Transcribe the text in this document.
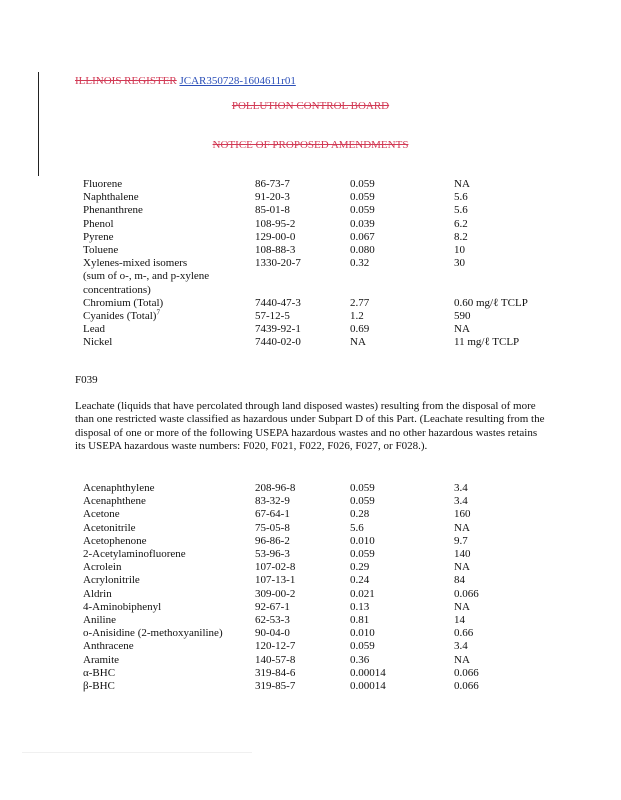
ILLINOIS REGISTER JCAR350728-1604611r01
POLLUTION CONTROL BOARD
NOTICE OF PROPOSED AMENDMENTS
Fluorene	86-73-7	0.059	NA
Naphthalene	91-20-3	0.059	5.6
Phenanthrene	85-01-8	0.059	5.6
Phenol	108-95-2	0.039	6.2
Pyrene	129-00-0	0.067	8.2
Toluene	108-88-3	0.080	10
Xylenes-mixed isomers	1330-20-7	0.32	30
(sum of o-, m-, and p-xylene
concentrations)
Chromium (Total)	7440-47-3	2.77	0.60 mg/ℓ TCLP
Cyanides (Total)$^7$	57-12-5	1.2	590
Lead	7439-92-1	0.69	NA
Nickel	7440-02-0	NA	11 mg/ℓ TCLP
F039
Leachate (liquids that have percolated through land disposed wastes) resulting from the disposal of more than one restricted waste classified as hazardous under Subpart D of this Part. (Leachate resulting from the disposal of one or more of the following USEPA hazardous wastes and no other hazardous wastes retains its USEPA hazardous waste numbers: F020, F021, F022, F026, F027, or F028.).
Acenaphthylene	208-96-8	0.059	3.4
Acenaphthene	83-32-9	0.059	3.4
Acetone	67-64-1	0.28	160
Acetonitrile	75-05-8	5.6	NA
Acetophenone	96-86-2	0.010	9.7
2-Acetylaminofluorene	53-96-3	0.059	140
Acrolein	107-02-8	0.29	NA
Acrylonitrile	107-13-1	0.24	84
Aldrin	309-00-2	0.021	0.066
4-Aminobiphenyl	92-67-1	0.13	NA
Aniline	62-53-3	0.81	14
o-Anisidine (2-methoxyaniline)	90-04-0	0.010	0.66
Anthracene	120-12-7	0.059	3.4
Aramite	140-57-8	0.36	NA
α-BHC	319-84-6	0.00014	0.066
β-BHC	319-85-7	0.00014	0.066
